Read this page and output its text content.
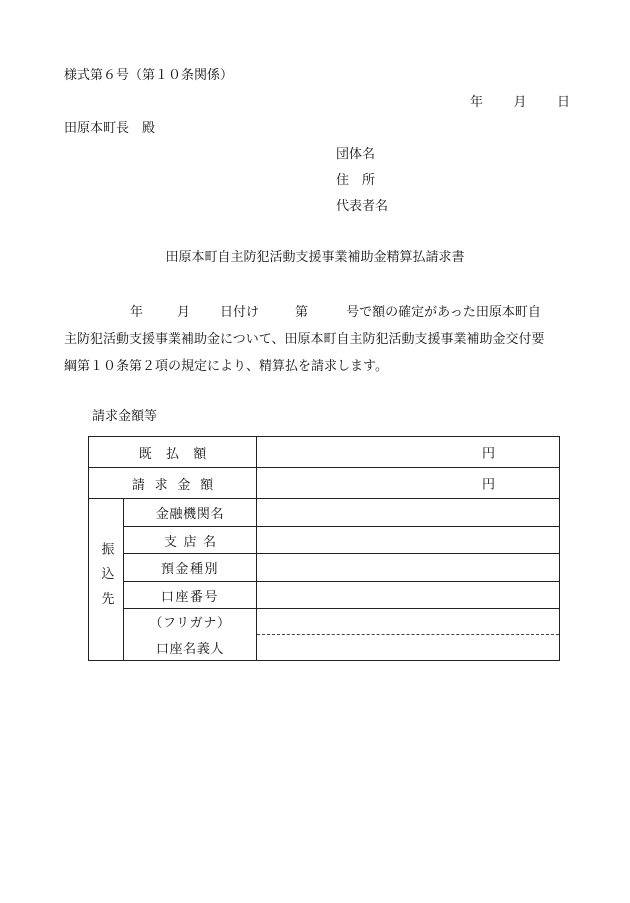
様式第６号（第１０条関係）
年 月 日
田原本町長　殿
団体名
住　所
代表者名
田原本町自主防犯活動支援事業補助金精算払請求書

年	月 日付け	第	号で額の確定があった田原本町自

主防犯活動支援事業補助金について、田原本町自主防犯活動支援事業補助金交付要

綱第１０条第２項の規定により、精算払を請求します。

請求金額等
既払額		円

請求金額		円

振込先	金融機関名	
	支店名	
	預金種別	
	口座番号	
	（フリガナ）	
	口座名義人	
